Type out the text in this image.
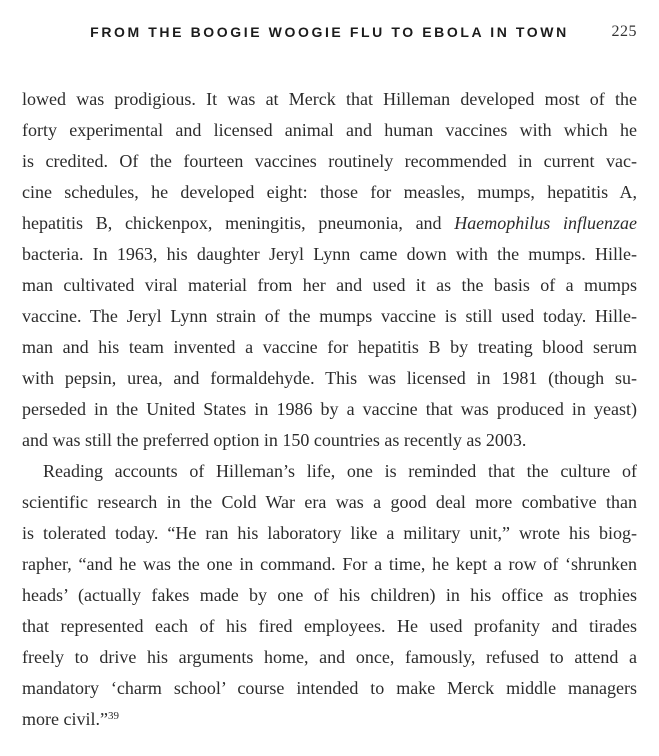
FROM THE BOOGIE WOOGIE FLU TO EBOLA IN TOWN	225
lowed was prodigious. It was at Merck that Hilleman developed most of the
forty experimental and licensed animal and human vaccines with which he
is credited. Of the fourteen vaccines routinely recommended in current vac-
cine schedules, he developed eight: those for measles, mumps, hepatitis A,
hepatitis B, chickenpox, meningitis, pneumonia, and Haemophilus influenzae
bacteria. In 1963, his daughter Jeryl Lynn came down with the mumps. Hille-
man cultivated viral material from her and used it as the basis of a mumps
vaccine. The Jeryl Lynn strain of the mumps vaccine is still used today. Hille-
man and his team invented a vaccine for hepatitis B by treating blood serum
with pepsin, urea, and formaldehyde. This was licensed in 1981 (though su-
perseded in the United States in 1986 by a vaccine that was produced in yeast)
and was still the preferred option in 150 countries as recently as 2003.
Reading accounts of Hilleman’s life, one is reminded that the culture of
scientific research in the Cold War era was a good deal more combative than
is tolerated today. “He ran his laboratory like a military unit,” wrote his biog-
rapher, “and he was the one in command. For a time, he kept a row of ‘shrunken
heads’ (actually fakes made by one of his children) in his office as trophies
that represented each of his fired employees. He used profanity and tirades
freely to drive his arguments home, and once, famously, refused to attend a
mandatory ‘charm school’ course intended to make Merck middle managers
more civil.”$^{39}$
